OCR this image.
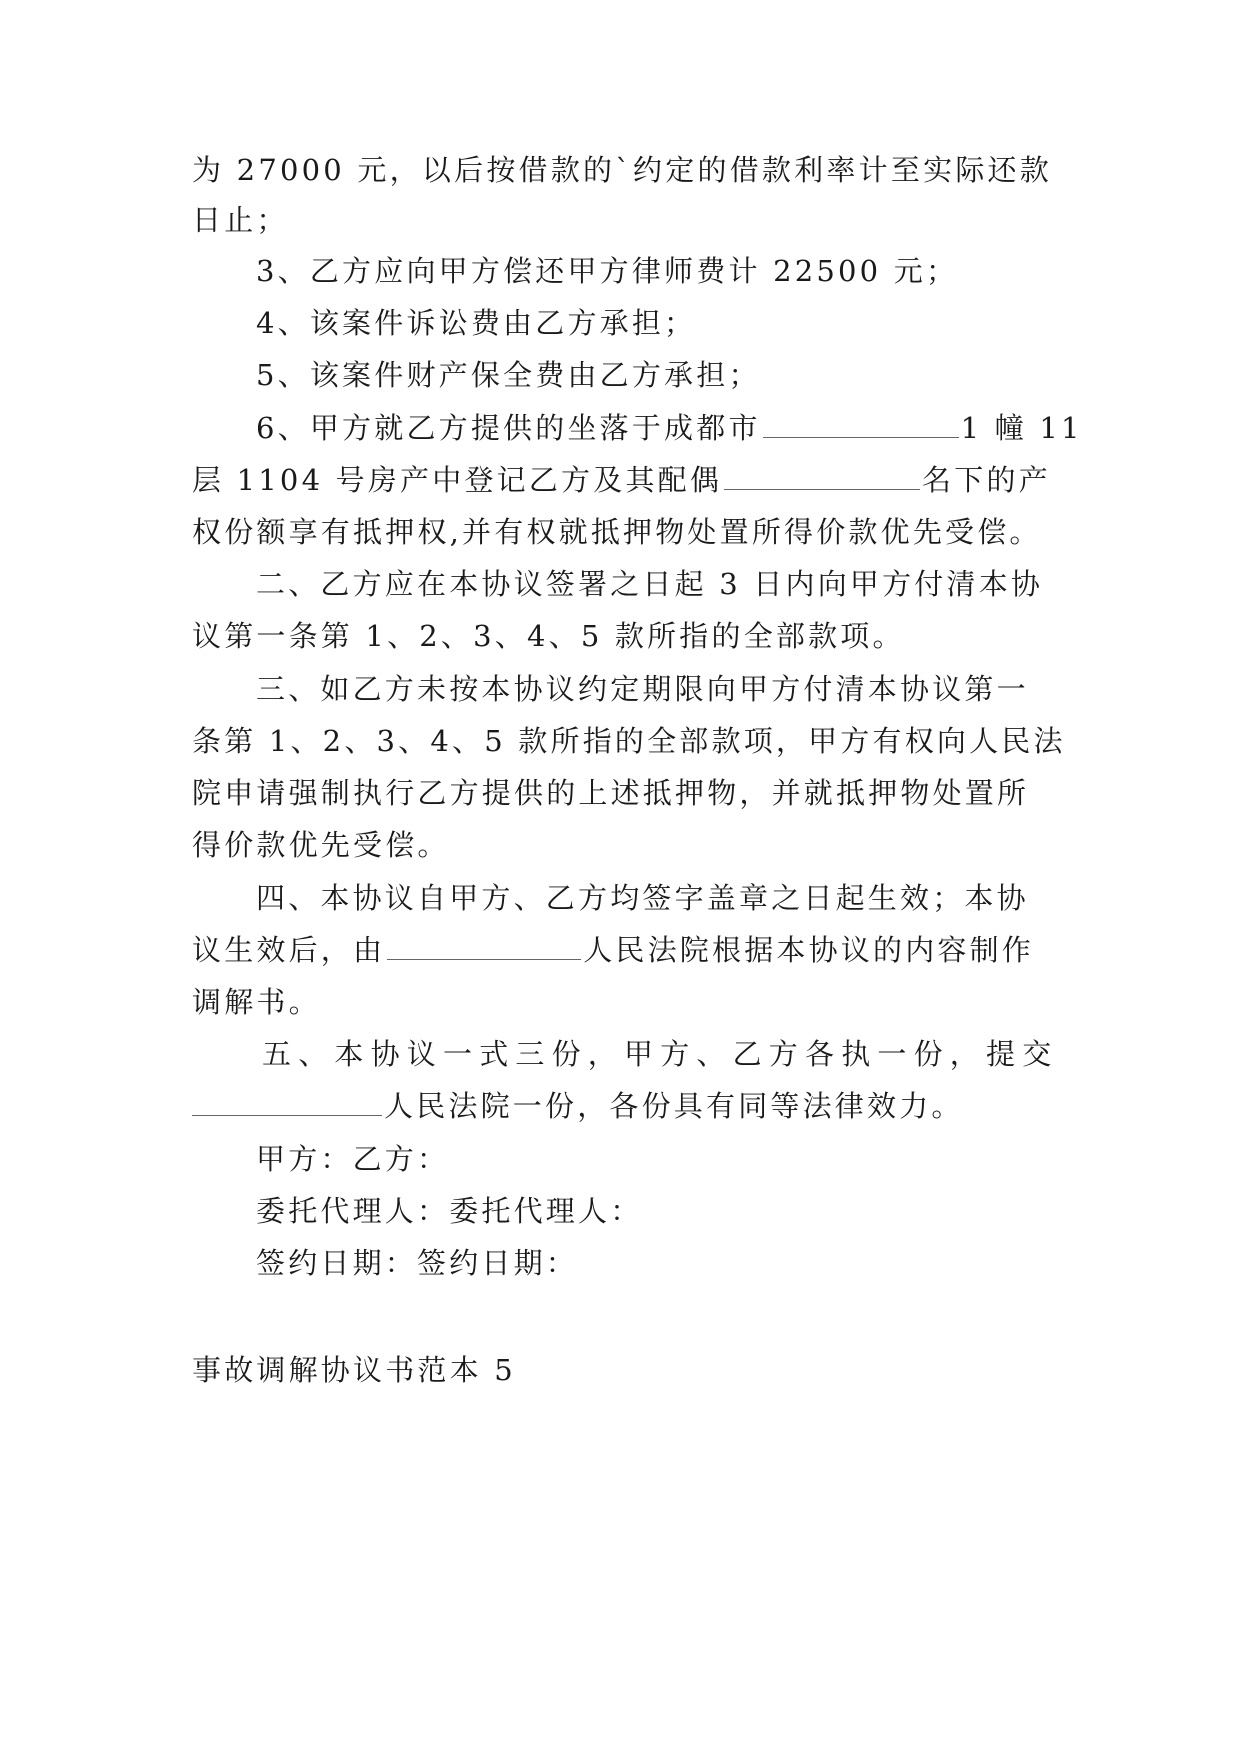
为 27000 元，以后按借款的`约定的借款利率计至实际还款
日止；
3、乙方应向甲方偿还甲方律师费计 22500 元；
4、该案件诉讼费由乙方承担；
5、该案件财产保全费由乙方承担；
6、甲方就乙方提供的坐落于成都市	1 幢 11
层 1104 号房产中登记乙方及其配偶	名下的产
权份额享有抵押权,并有权就抵押物处置所得价款优先受偿。
二、乙方应在本协议签署之日起 3 日内向甲方付清本协
议第一条第 1、2、3、4、5 款所指的全部款项。
三、如乙方未按本协议约定期限向甲方付清本协议第一
条第 1、2、3、4、5 款所指的全部款项，甲方有权向人民法
院申请强制执行乙方提供的上述抵押物，并就抵押物处置所
得价款优先受偿。
四、本协议自甲方、乙方均签字盖章之日起生效；本协
议生效后，由	人民法院根据本协议的内容制作
调解书。
五、本协议一式三份，甲方、乙方各执一份，提交
人民法院一份，各份具有同等法律效力。
甲方：乙方：
委托代理人：委托代理人：
签约日期：签约日期：
事故调解协议书范本 5
